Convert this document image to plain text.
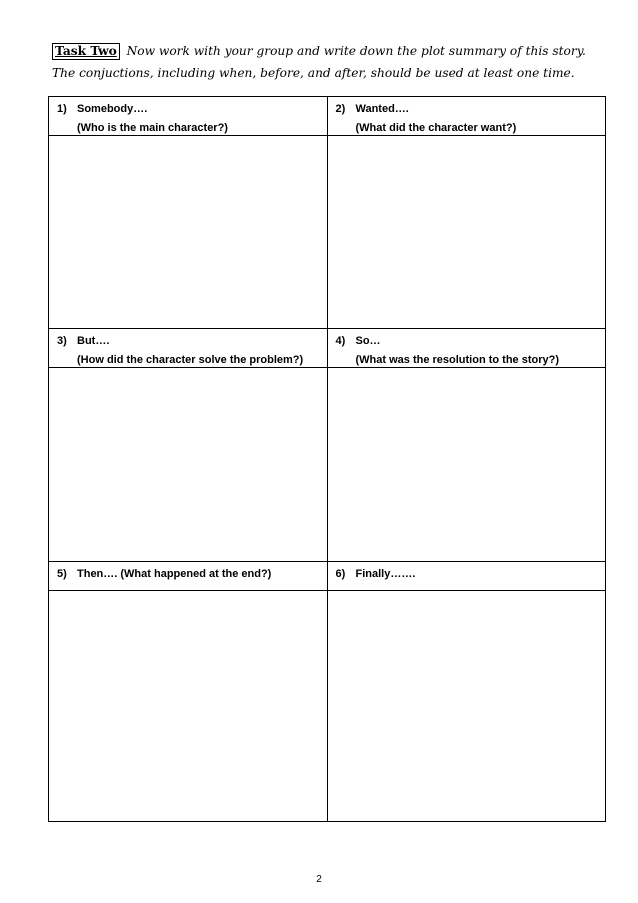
Task Two Now work with your group and write down the plot summary of this story.
The conjuctions, including when, before, and after, should be used at least one time.
1) Somebody….
(Who is the main character?)	2) Wanted….
(What did the character want?)

3) But….
(How did the character solve the problem?)	4) So…
(What was the resolution to the story?)

5) Then…. (What happened at the end?)	6) Finally…….

2
